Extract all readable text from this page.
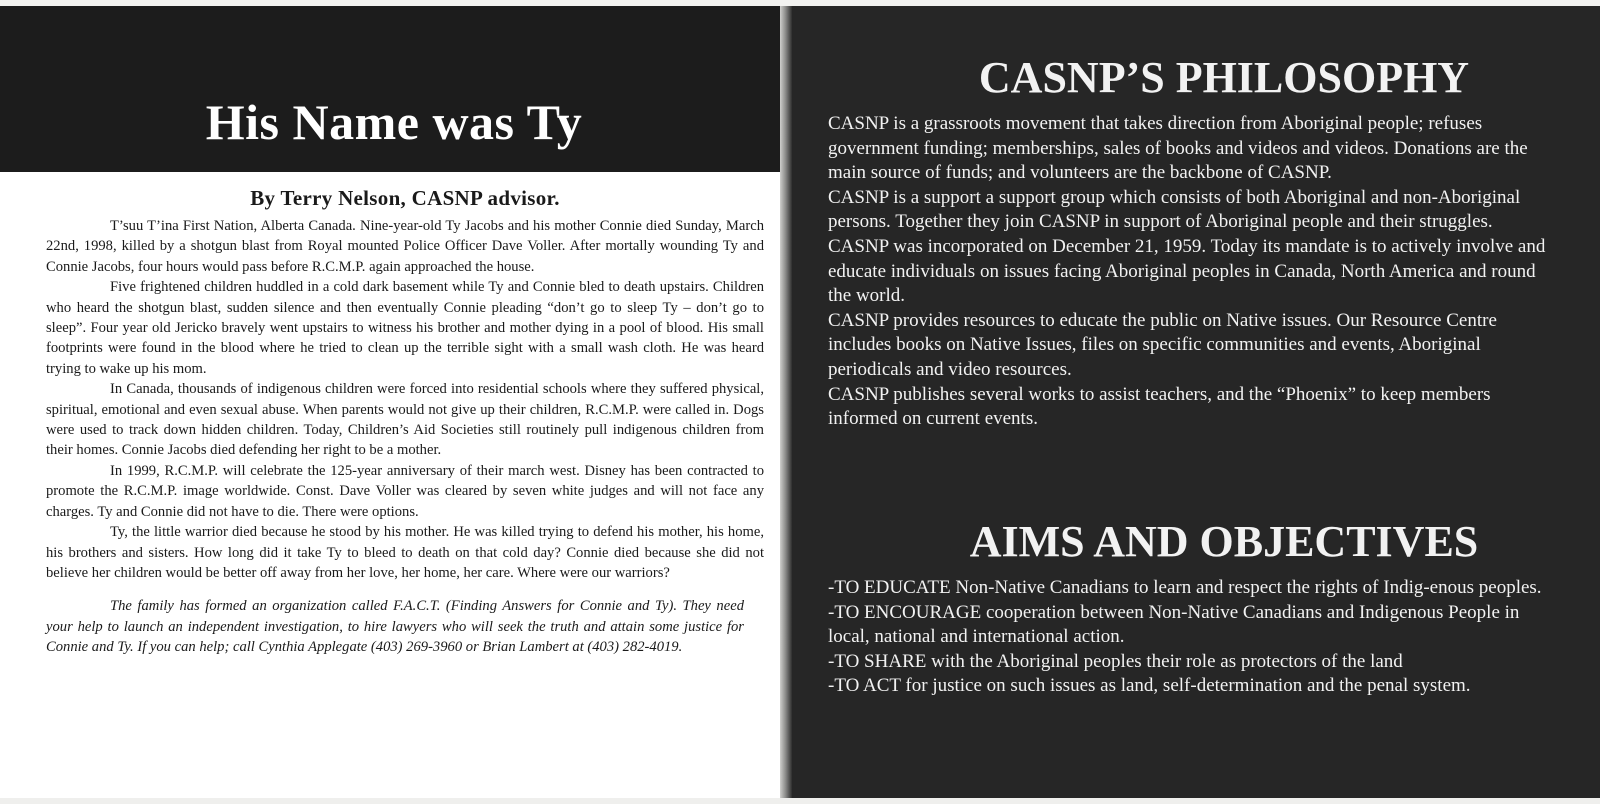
His Name was Ty
By Terry Nelson, CASNP advisor.

T’suu T’ina First Nation, Alberta Canada. Nine-year-old Ty Jacobs and his mother Connie died Sunday, March 22nd, 1998, killed by a shotgun blast from Royal mounted Police Officer Dave Voller. After mortally wounding Ty and Connie Jacobs, four hours would pass before R.C.M.P. again approached the house.

Five frightened children huddled in a cold dark basement while Ty and Connie bled to death upstairs. Children who heard the shotgun blast, sudden silence and then eventually Connie pleading “don’t go to sleep Ty – don’t go to sleep”. Four year old Jericko bravely went upstairs to witness his brother and mother dying in a pool of blood. His small footprints were found in the blood where he tried to clean up the terrible sight with a small wash cloth. He was heard trying to wake up his mom.

In Canada, thousands of indigenous children were forced into residential schools where they suffered physical, spiritual, emotional and even sexual abuse. When parents would not give up their children, R.C.M.P. were called in. Dogs were used to track down hidden children. Today, Children’s Aid Societies still routinely pull indigenous children from their homes. Connie Jacobs died defending her right to be a mother.

In 1999, R.C.M.P. will celebrate the 125-year anniversary of their march west. Disney has been contracted to promote the R.C.M.P. image worldwide. Const. Dave Voller was cleared by seven white judges and will not face any charges. Ty and Connie did not have to die. There were options.

Ty, the little warrior died because he stood by his mother. He was killed trying to defend his mother, his home, his brothers and sisters. How long did it take Ty to bleed to death on that cold day? Connie died because she did not believe her children would be better off away from her love, her home, her care. Where were our warriors?

The family has formed an organization called F.A.C.T. (Finding Answers for Connie and Ty). They need your help to launch an independent investigation, to hire lawyers who will seek the truth and attain some justice for Connie and Ty. If you can help; call Cynthia Applegate (403) 269-3960 or Brian Lambert at (403) 282-4019.

CASNP’S PHILOSOPHY

CASNP is a grassroots movement that takes direction from Aboriginal people; refuses government funding; memberships, sales of books and videos and videos. Donations are the main source of funds; and volunteers are the backbone of CASNP.

CASNP is a support a support group which consists of both Aboriginal and non-Aboriginal persons. Together they join CASNP in support of Aboriginal people and their struggles.

CASNP was incorporated on December 21, 1959. Today its mandate is to actively involve and educate individuals on issues facing Aboriginal peoples in Canada, North America and round the world.

CASNP provides resources to educate the public on Native issues. Our Resource Centre includes books on Native Issues, files on specific communities and events, Aboriginal periodicals and video resources.

CASNP publishes several works to assist teachers, and the “Phoenix” to keep members informed on current events.

AIMS AND OBJECTIVES

-TO EDUCATE Non-Native Canadians to learn and respect the rights of Indig-enous peoples.

-TO ENCOURAGE cooperation between Non-Native Canadians and Indigenous People in local, national and international action.

-TO SHARE with the Aboriginal peoples their role as protectors of the land

-TO ACT for justice on such issues as land, self-determination and the penal system.
